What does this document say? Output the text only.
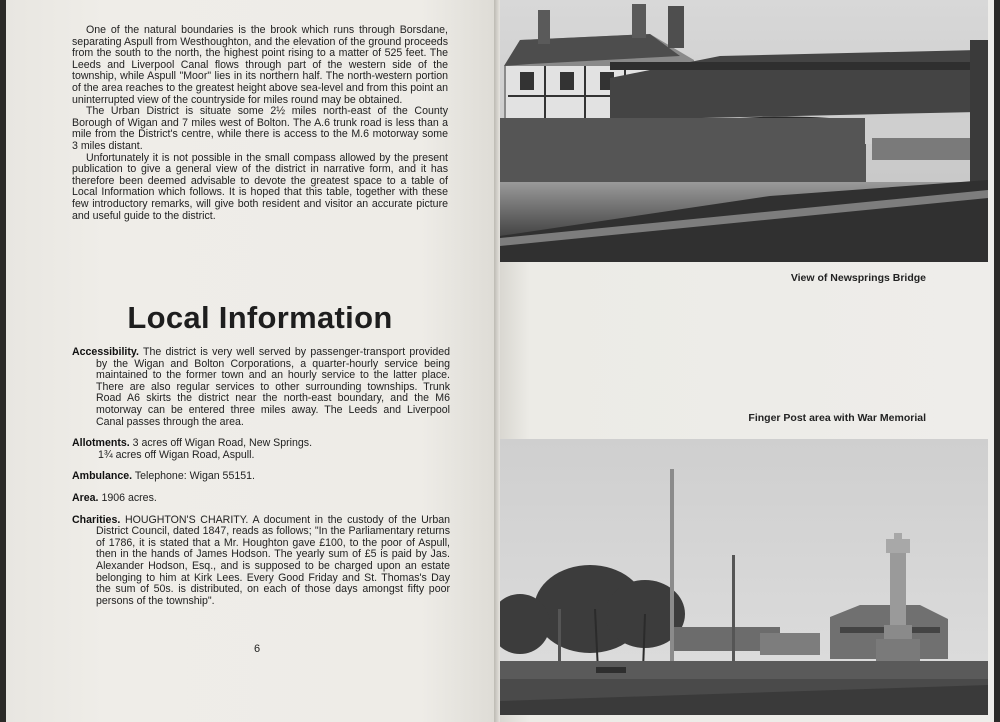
One of the natural boundaries is the brook which runs through Borsdane, separating Aspull from Westhoughton, and the elevation of the ground proceeds from the south to the north, the highest point rising to a matter of 525 feet. The Leeds and Liverpool Canal flows through part of the western side of the township, while Aspull "Moor" lies in its northern half. The north-western portion of the area reaches to the greatest height above sea-level and from this point an uninterrupted view of the countryside for miles round may be obtained.

The Urban District is situate some 2½ miles north-east of the County Borough of Wigan and 7 miles west of Bolton. The A.6 trunk road is less than a mile from the District's centre, while there is access to the M.6 motorway some 3 miles distant.

Unfortunately it is not possible in the small compass allowed by the present publication to give a general view of the district in narrative form, and it has therefore been deemed advisable to devote the greatest space to a table of Local Information which follows. It is hoped that this table, together with these few introductory remarks, will give both resident and visitor an accurate picture and useful guide to the district.

Local Information

Accessibility. The district is very well served by passenger-transport provided by the Wigan and Bolton Corporations, a quarter-hourly service being maintained to the former town and an hourly service to the latter place. There are also regular services to other surrounding townships. Trunk Road A6 skirts the district near the north-east boundary, and the M6 motorway can be entered three miles away. The Leeds and Liverpool Canal passes through the area.

Allotments. 3 acres off Wigan Road, New Springs.
1¾ acres off Wigan Road, Aspull.

Ambulance. Telephone: Wigan 55151.

Area. 1906 acres.

Charities. HOUGHTON'S CHARITY. A document in the custody of the Urban District Council, dated 1847, reads as follows; "In the Parliamentary returns of 1786, it is stated that a Mr. Houghton gave £100, to the poor of Aspull, then in the hands of James Hodson. The yearly sum of £5 is paid by Jas. Alexander Hodson, Esq., and is supposed to be charged upon an estate belonging to him at Kirk Lees. Every Good Friday and St. Thomas's Day the sum of 50s. is distributed, on each of those days amongst fifty poor persons of the township".

6
View of Newsprings Bridge
Finger Post area with War Memorial
